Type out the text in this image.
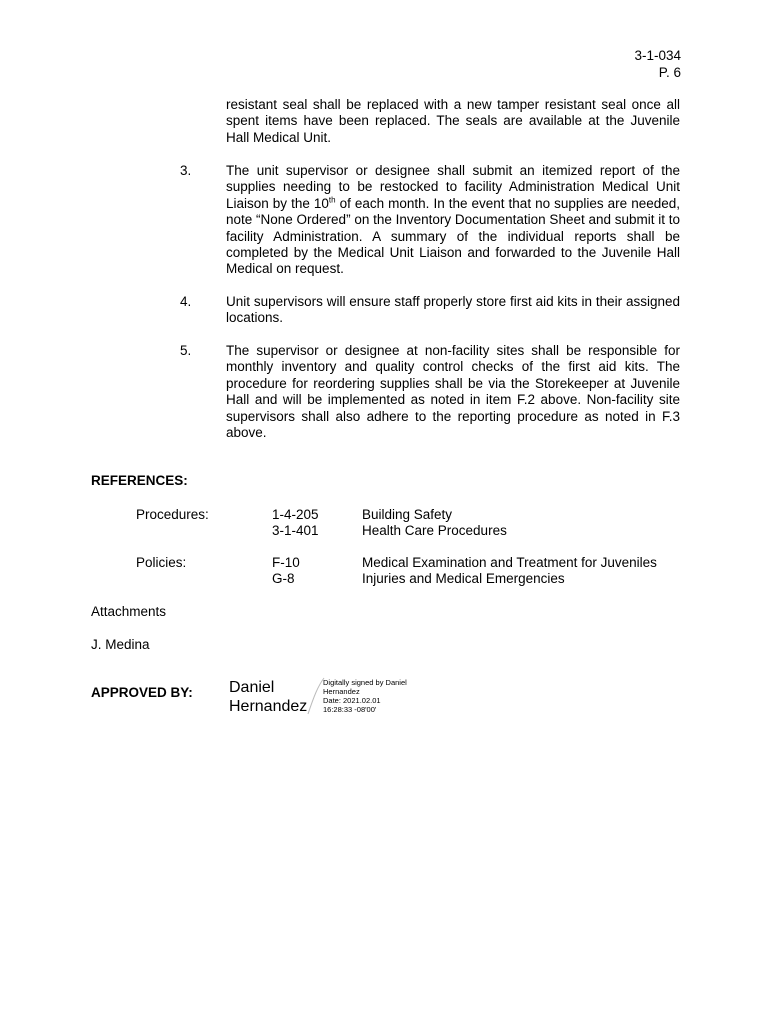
3-1-034
P. 6
resistant seal shall be replaced with a new tamper resistant seal once all spent items have been replaced. The seals are available at the Juvenile Hall Medical Unit.
3.	The unit supervisor or designee shall submit an itemized report of the supplies needing to be restocked to facility Administration Medical Unit Liaison by the 10th of each month. In the event that no supplies are needed, note “None Ordered” on the Inventory Documentation Sheet and submit it to facility Administration. A summary of the individual reports shall be completed by the Medical Unit Liaison and forwarded to the Juvenile Hall Medical on request.
4.	Unit supervisors will ensure staff properly store first aid kits in their assigned locations.
5.	The supervisor or designee at non-facility sites shall be responsible for monthly inventory and quality control checks of the first aid kits. The procedure for reordering supplies shall be via the Storekeeper at Juvenile Hall and will be implemented as noted in item F.2 above. Non-facility site supervisors shall also adhere to the reporting procedure as noted in F.3 above.
REFERENCES:
Procedures:	1-4-205	Building Safety
3-1-401	Health Care Procedures
Policies:	F-10	Medical Examination and Treatment for Juveniles
G-8	Injuries and Medical Emergencies
Attachments
J. Medina
APPROVED BY: Daniel
Hernandez
Digitally signed by Daniel
Hernandez
Date: 2021.02.01
16:28:33 -08'00'
